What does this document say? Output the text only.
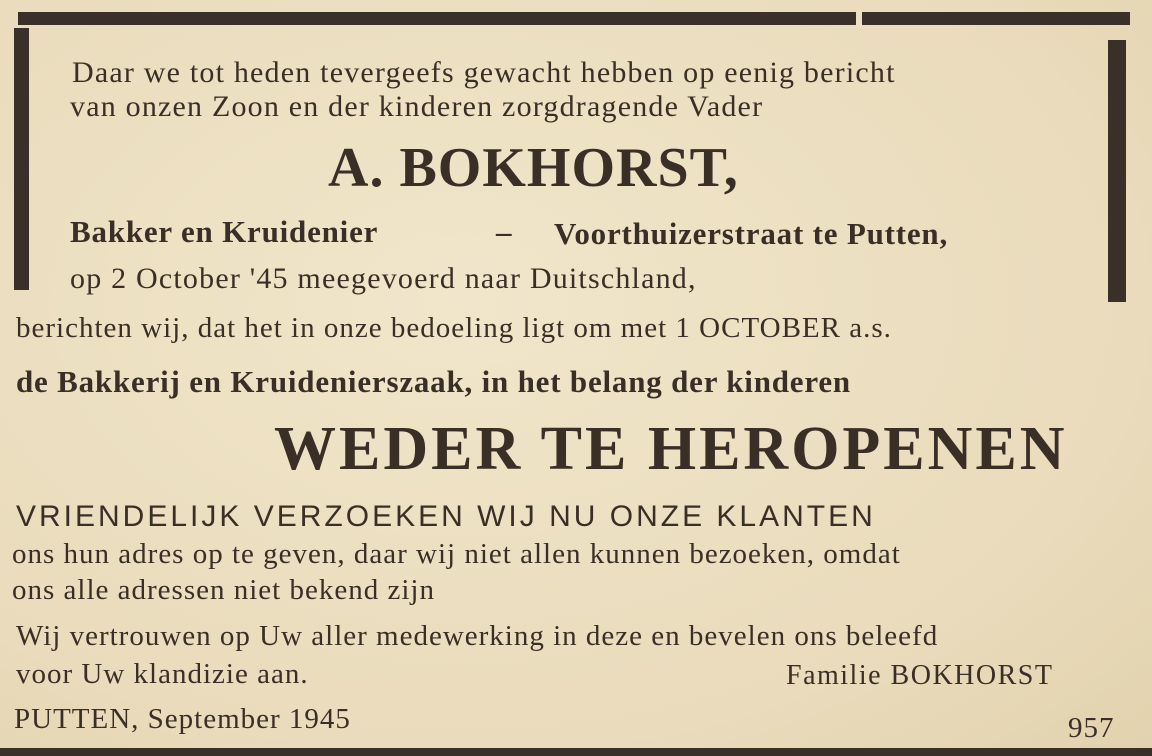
Daar we tot heden tevergeefs gewacht hebben op eenig bericht

van onzen Zoon en der kinderen zorgdragende Vader

A. BOKHORST,

Bakker en Kruidenier	– Voorthuizerstraat te Putten,

op 2 October '45 meegevoerd naar Duitschland,

berichten wij, dat het in onze bedoeling ligt om met 1 OCTOBER a.s.

de Bakkerij en Kruidenierszaak, in het belang der kinderen

WEDER TE HEROPENEN

VRIENDELIJK VERZOEKEN WIJ NU ONZE KLANTEN

ons hun adres op te geven, daar wij niet allen kunnen bezoeken, omdat

ons alle adressen niet bekend zijn

Wij vertrouwen op Uw aller medewerking in deze en bevelen ons beleefd

voor Uw klandizie aan.	Familie BOKHORST

PUTTEN, September 1945	957
